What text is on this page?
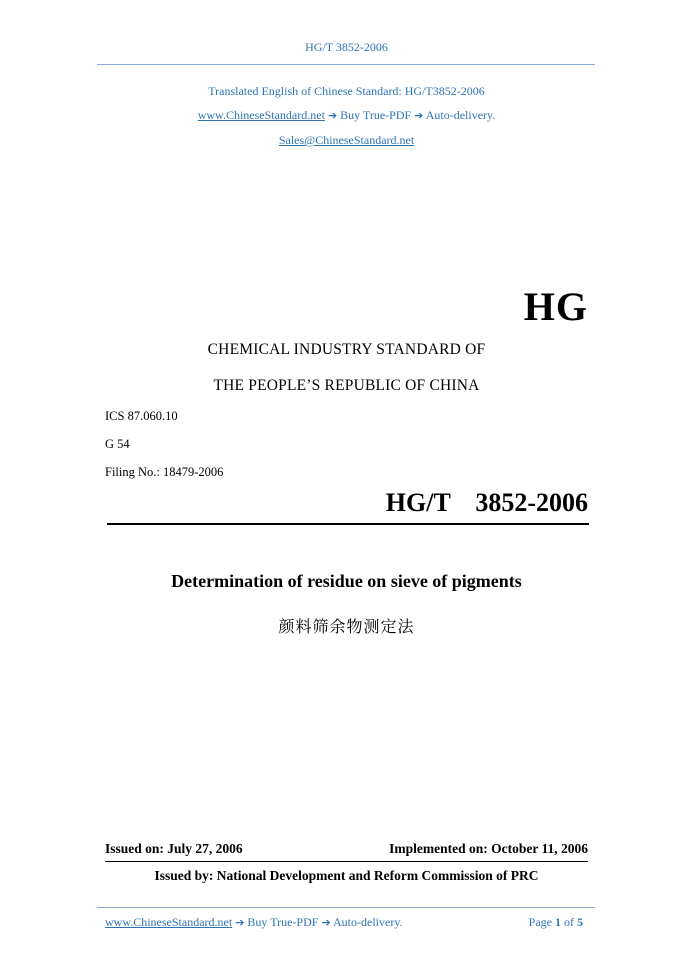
HG/T 3852-2006
Translated English of Chinese Standard: HG/T3852-2006
www.ChineseStandard.net ➔ Buy True-PDF ➔ Auto-delivery.
Sales@ChineseStandard.net
HG
CHEMICAL INDUSTRY STANDARD OF
THE PEOPLE’S REPUBLIC OF CHINA
ICS 87.060.10
G 54
Filing No.: 18479-2006
HG/T  3852-2006
Determination of residue on sieve of pigments
颜料筛余物测定法
Issued on: July 27, 2006	Implemented on: October 11, 2006
Issued by: National Development and Reform Commission of PRC
www.ChineseStandard.net ➔ Buy True-PDF ➔ Auto-delivery.	Page 1 of 5
